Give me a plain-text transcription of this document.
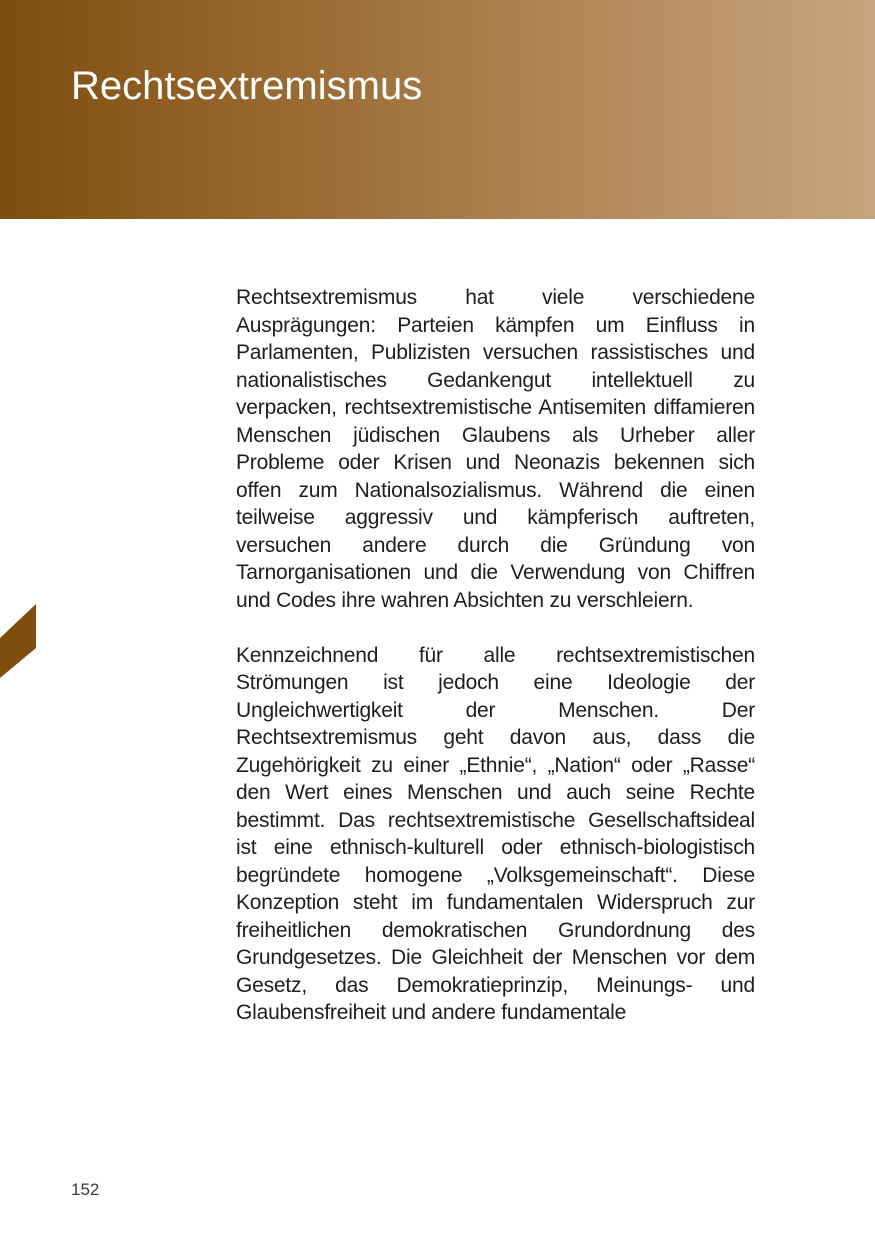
Rechtsextremismus

Rechtsextremismus hat viele verschiedene Ausprägungen: Parteien kämpfen um Einfluss in Parlamenten, Publizisten versuchen rassistisches und nationalistisches Gedankengut intellektuell zu verpacken, rechtsextremistische Antisemiten diffamieren Menschen jüdischen Glaubens als Urheber aller Probleme oder Krisen und Neonazis bekennen sich offen zum Nationalsozialismus. Während die einen teilweise aggressiv und kämpferisch auftreten, versuchen andere durch die Gründung von Tarnorganisationen und die Verwendung von Chiffren und Codes ihre wahren Absichten zu verschleiern.

Kennzeichnend für alle rechtsextremistischen Strömungen ist jedoch eine Ideologie der Ungleichwertigkeit der Menschen. Der Rechtsextremismus geht davon aus, dass die Zugehörigkeit zu einer „Ethnie“, „Nation“ oder „Rasse“ den Wert eines Menschen und auch seine Rechte bestimmt. Das rechtsextremistische Gesellschaftsideal ist eine ethnisch-kulturell oder ethnisch-biologistisch begründete homogene „Volksgemeinschaft“. Diese Konzeption steht im fundamentalen Widerspruch zur freiheitlichen demokratischen Grundordnung des Grundgesetzes. Die Gleichheit der Menschen vor dem Gesetz, das Demokratieprinzip, Meinungs- und Glaubensfreiheit und andere fundamentale

152
